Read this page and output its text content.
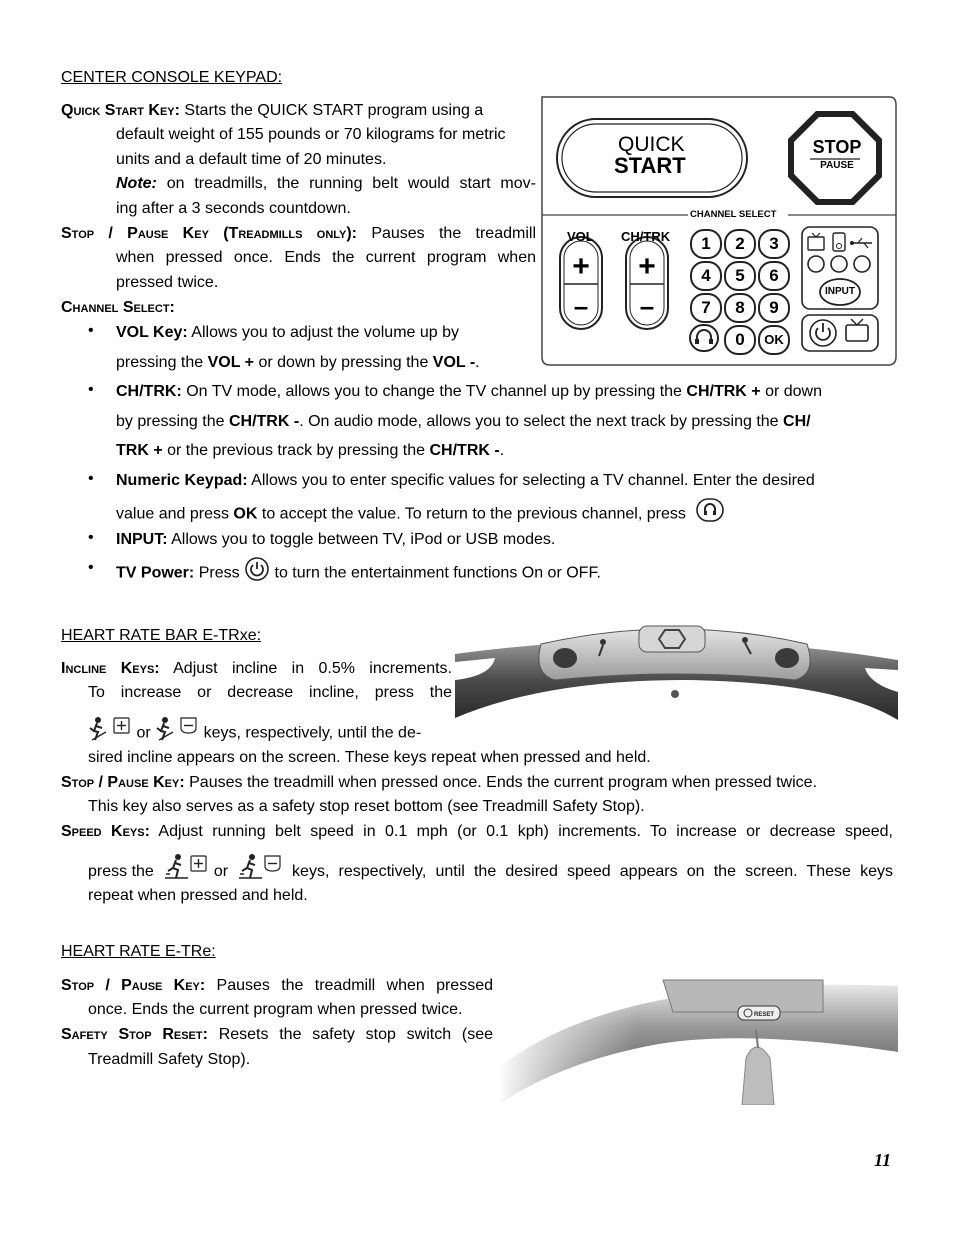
CENTER CONSOLE KEYPAD:
Quick Start Key: Starts the QUICK START program using a
default weight of 155 pounds or 70 kilograms for metric
units and a default time of 20 minutes.
Note: on treadmills, the running belt would start mov-
ing after a 3 seconds countdown.
Stop / Pause Key (Treadmills only): Pauses the treadmill
when pressed once. Ends the current program when
pressed twice.
Channel Select:
• VOL Key: Allows you to adjust the volume up by
pressing the VOL + or down by pressing the VOL -.
• CH/TRK: On TV mode, allows you to change the TV channel up by pressing the CH/TRK + or down
by pressing the CH/TRK -. On audio mode, allows you to select the next track by pressing the CH/
TRK + or the previous track by pressing the CH/TRK -.
• Numeric Keypad: Allows you to enter specific values for selecting a TV channel. Enter the desired
value and press OK to accept the value. To return to the previous channel, press
• INPUT: Allows you to toggle between TV, iPod or USB modes.
• TV Power: Press to turn the entertainment functions On or OFF.
QUICK
START
STOP
PAUSE
CHANNEL SELECT
VOL CH/TRK
+
–
+
–
1	2	3
4	5	6
7	8	9
0	OK
INPUT
HEART RATE BAR E-TRxe:
Incline Keys: Adjust incline in 0.5% increments.
To increase or decrease incline, press the
or	keys, respectively, until the de-
sired incline appears on the screen. These keys repeat when pressed and held.
Stop / Pause Key: Pauses the treadmill when pressed once. Ends the current program when pressed twice.
This key also serves as a safety stop reset bottom (see Treadmill Safety Stop).
Speed Keys: Adjust running belt speed in 0.1 mph (or 0.1 kph) increments. To increase or decrease speed,
press the	or	keys, respectively, until the desired speed appears on the screen. These keys
repeat when pressed and held.
HEART RATE E-TRe:
Stop / Pause Key: Pauses the treadmill when pressed
once. Ends the current program when pressed twice.
Safety Stop Reset: Resets the safety stop switch (see
Treadmill Safety Stop).
11
